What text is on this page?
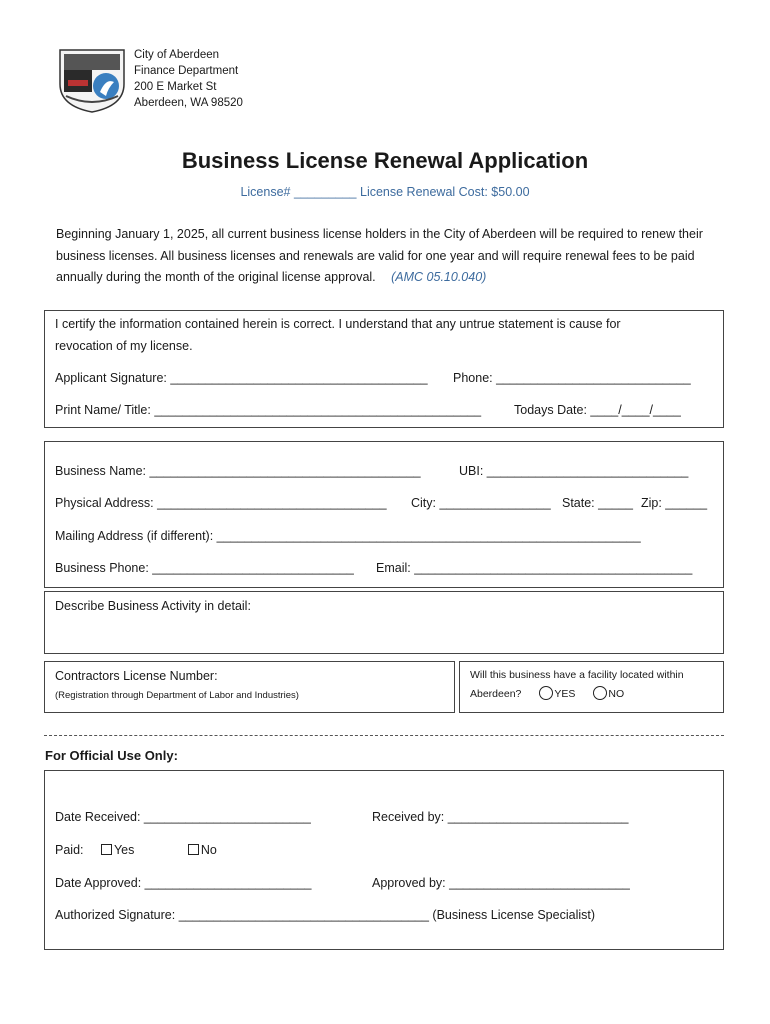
City of Aberdeen
Finance Department
200 E Market St
Aberdeen, WA 98520
Business License Renewal Application
License# _________ License Renewal Cost: $50.00
Beginning January 1, 2025, all current business license holders in the City of Aberdeen will be required to renew their business licenses. All business licenses and renewals are valid for one year and will require renewal fees to be paid annually during the month of the original license approval. (AMC 05.10.040)
I certify the information contained herein is correct. I understand that any untrue statement is cause for
revocation of my license.
Applicant Signature: _____________________________________ Phone: ____________________________
Print Name/ Title: _______________________________________________	Todays Date: ____/____/____
Business Name: _______________________________________	UBI: _____________________________
Physical Address: _________________________________ City: ________________ State: _____ Zip: ______
Mailing Address (if different): _____________________________________________________________
Business Phone: _____________________________ Email: ________________________________________
Describe Business Activity in detail:
Contractors License Number:
(Registration through Department of Labor and Industries)
Will this business have a facility located within
Aberdeen?	YES	NO
For Official Use Only:
Date Received: ________________________	Received by: __________________________
Paid: Yes	No
Date Approved: ________________________	Approved by: __________________________
Authorized Signature: ____________________________________ (Business License Specialist)
